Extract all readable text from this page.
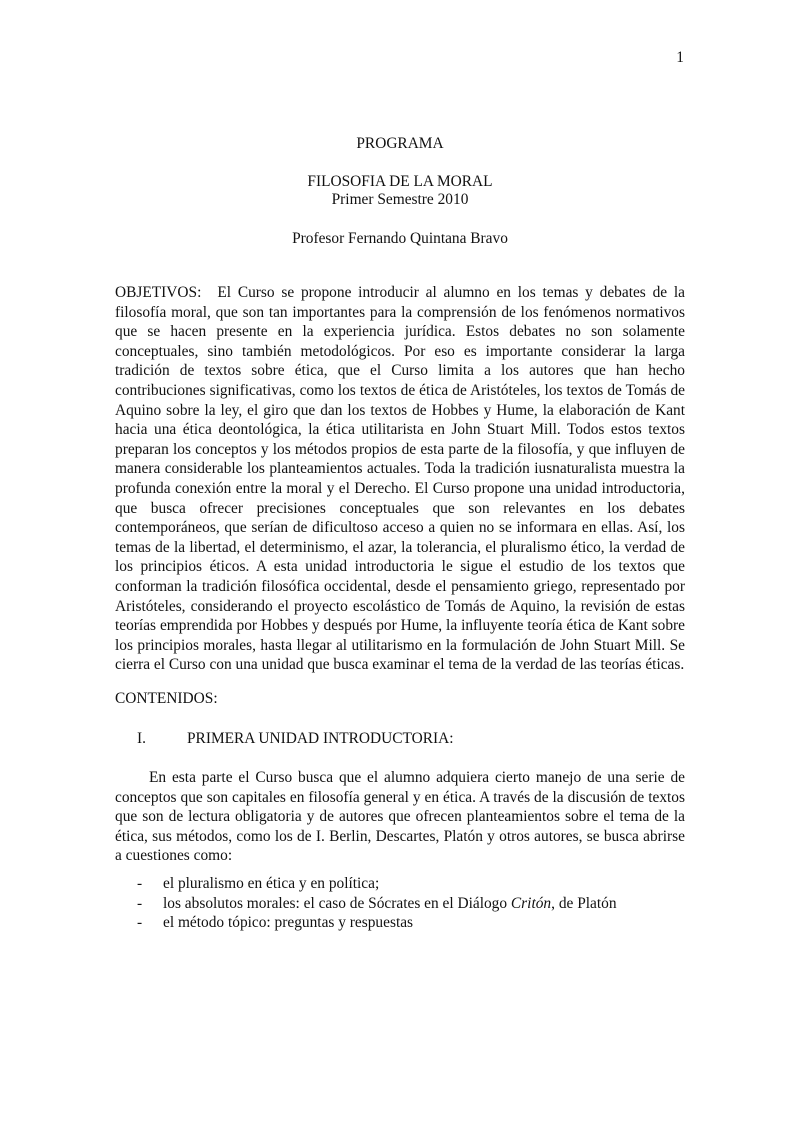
1
PROGRAMA
FILOSOFIA DE LA MORAL
Primer Semestre 2010
Profesor Fernando Quintana Bravo

OBJETIVOS: El Curso se propone introducir al alumno en los temas y debates de la filosofía moral, que son tan importantes para la comprensión de los fenómenos normativos que se hacen presente en la experiencia jurídica. Estos debates no son solamente conceptuales, sino también metodológicos. Por eso es importante considerar la larga tradición de textos sobre ética, que el Curso limita a los autores que han hecho contribuciones significativas, como los textos de ética de Aristóteles, los textos de Tomás de Aquino sobre la ley, el giro que dan los textos de Hobbes y Hume, la elaboración de Kant hacia una ética deontológica, la ética utilitarista en John Stuart Mill. Todos estos textos preparan los conceptos y los métodos propios de esta parte de la filosofía, y que influyen de manera considerable los planteamientos actuales. Toda la tradición iusnaturalista muestra la profunda conexión entre la moral y el Derecho. El Curso propone una unidad introductoria, que busca ofrecer precisiones conceptuales que son relevantes en los debates contemporáneos, que serían de dificultoso acceso a quien no se informara en ellas. Así, los temas de la libertad, el determinismo, el azar, la tolerancia, el pluralismo ético, la verdad de los principios éticos. A esta unidad introductoria le sigue el estudio de los textos que conforman la tradición filosófica occidental, desde el pensamiento griego, representado por Aristóteles, considerando el proyecto escolástico de Tomás de Aquino, la revisión de estas teorías emprendida por Hobbes y después por Hume, la influyente teoría ética de Kant sobre los principios morales, hasta llegar al utilitarismo en la formulación de John Stuart Mill. Se cierra el Curso con una unidad que busca examinar el tema de la verdad de las teorías éticas.

CONTENIDOS:
I.	PRIMERA UNIDAD INTRODUCTORIA:

En esta parte el Curso busca que el alumno adquiera cierto manejo de una serie de conceptos que son capitales en filosofía general y en ética. A través de la discusión de textos que son de lectura obligatoria y de autores que ofrecen planteamientos sobre el tema de la ética, sus métodos, como los de I. Berlin, Descartes, Platón y otros autores, se busca abrirse a cuestiones como:

-	el pluralismo en ética y en política;
-	los absolutos morales: el caso de Sócrates en el Diálogo Critón, de Platón
-	el método tópico: preguntas y respuestas
